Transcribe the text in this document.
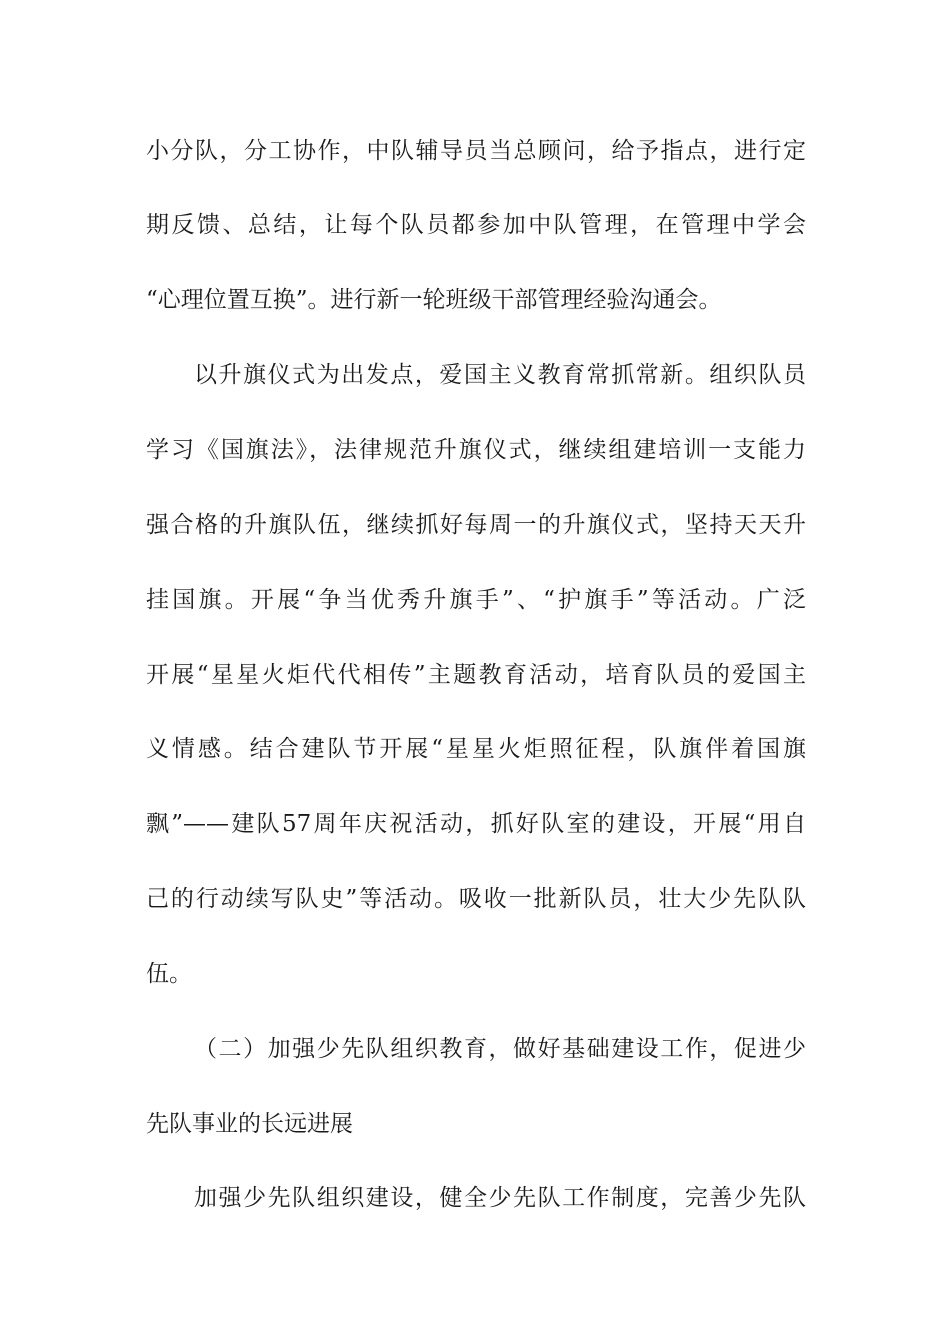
小分队，分工协作，中队辅导员当总顾问，给予指点，进行定
期反馈、总结，让每个队员都参加中队管理，在管理中学会
“心理位置互换”。进行新一轮班级干部管理经验沟通会。
以升旗仪式为出发点，爱国主义教育常抓常新。组织队员
学习《国旗法》，法律规范升旗仪式，继续组建培训一支能力
强合格的升旗队伍，继续抓好每周一的升旗仪式，坚持天天升
挂国旗。开展“争当优秀升旗手”、“护旗手”等活动。广泛
开展“星星火炬代代相传”主题教育活动，培育队员的爱国主
义情感。结合建队节开展“星星火炬照征程，队旗伴着国旗
飘”——建队57周年庆祝活动，抓好队室的建设，开展“用自
己的行动续写队史”等活动。吸收一批新队员，壮大少先队队
伍。
（二）加强少先队组织教育，做好基础建设工作，促进少
先队事业的长远进展
加强少先队组织建设，健全少先队工作制度，完善少先队
